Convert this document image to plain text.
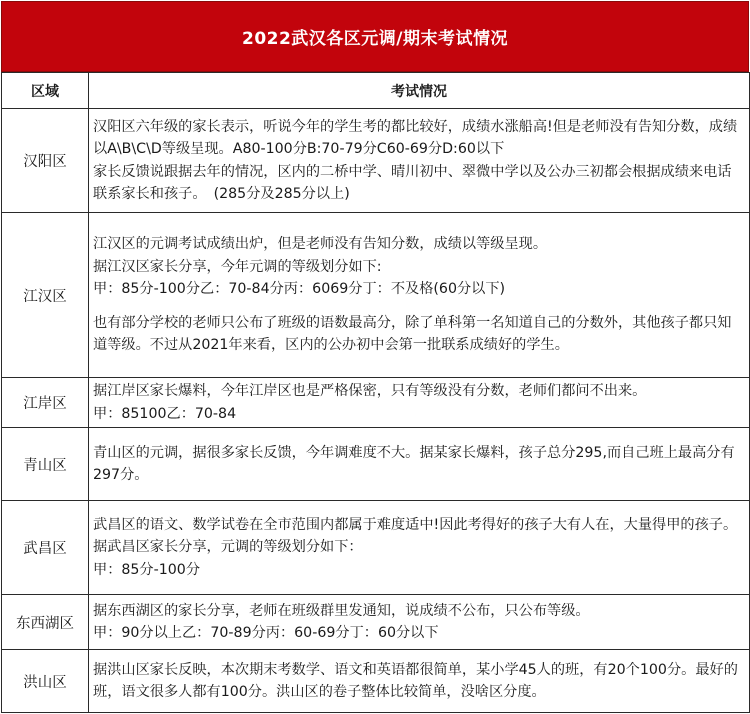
2022武汉各区元调/期末考试情况
区域	考试情况
汉阳区	汉阳区六年级的家长表示，听说今年的学生考的都比较好，成绩水涨船高!但是老师没有告知分数，成绩以A\B\C\D等级呈现。A80-100分B:70-79分C60-69分D:60以下
家长反馈说跟据去年的情况，区内的二桥中学、晴川初中、翠微中学以及公办三初都会根据成绩来电话联系家长和孩子。　(285分及285分以上)

江汉区	江汉区的元调考试成绩出炉，但是老师没有告知分数，成绩以等级呈现。
据江汉区家长分享，今年元调的等级划分如下:
甲：85分-100分乙：70-84分丙：6069分丁：不及格(60分以下)
也有部分学校的老师只公布了班级的语数最高分，除了单科第一名知道自己的分数外，其他孩子都只知道等级。不过从2021年来看，区内的公办初中会第一批联系成绩好的学生。

江岸区	据江岸区家长爆料，今年江岸区也是严格保密，只有等级没有分数，老师们都问不出来。
甲：85100乙：70-84

青山区	青山区的元调，据很多家长反馈，今年调难度不大。据某家长爆料，孩子总分295,而自己班上最高分有297分。

武昌区	武昌区的语文、数学试卷在全市范围内都属于难度适中!因此考得好的孩子大有人在，大量得甲的孩子。据武昌区家长分享，元调的等级划分如下：
甲：85分-100分

东西湖区	据东西湖区的家长分享，老师在班级群里发通知，说成绩不公布，只公布等级。
甲：90分以上乙：70-89分丙：60-69分丁：60分以下

洪山区	据洪山区家长反映，本次期末考数学、语文和英语都很简单，某小学45人的班，有20个100分。最好的班，语文很多人都有100分。洪山区的卷子整体比较简单，没啥区分度。
